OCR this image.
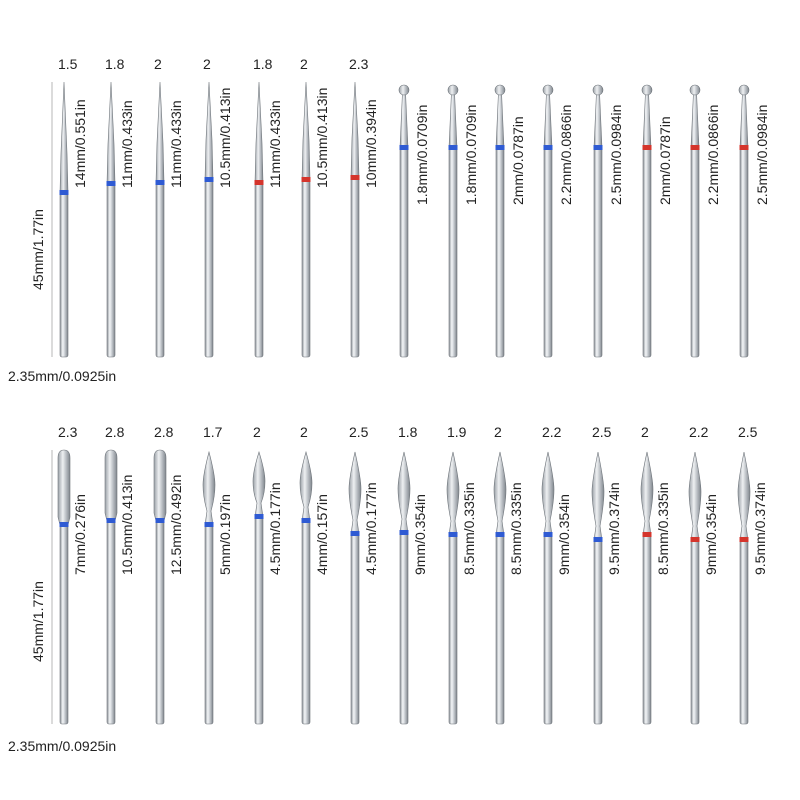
1.5
14mm/0.551in
1.8
11mm/0.433in
2
11mm/0.433in
2
10.5mm/0.413in
1.8
11mm/0.433in
2
10.5mm/0.413in
2.3
10mm/0.394in	1.8mm/0.0709in 1.8mm/0.0709in 2mm/0.0787in 2.2mm/0.0866in 2.5mm/0.0984in 2mm/0.0787in 2.2mm/0.0866in 2.5mm/0.0984in
45mm/1.77in
2.35mm/0.0925in
2.3
7mm/0.276in
2.8
10.5mm/0.413in
2.8
12.5mm/0.492in
1.7
5mm/0.197in
2
4.5mm/0.177in
2
4mm/0.157in
2.5
4.5mm/0.177in
1.8
9mm/0.354in
1.9
8.5mm/0.335in
2
8.5mm/0.335in
2.2
9mm/0.354in
2.5
9.5mm/0.374in
2
8.5mm/0.335in
2.2
9mm/0.354in
2.5
9.5mm/0.374in
45mm/1.77in
2.35mm/0.0925in
